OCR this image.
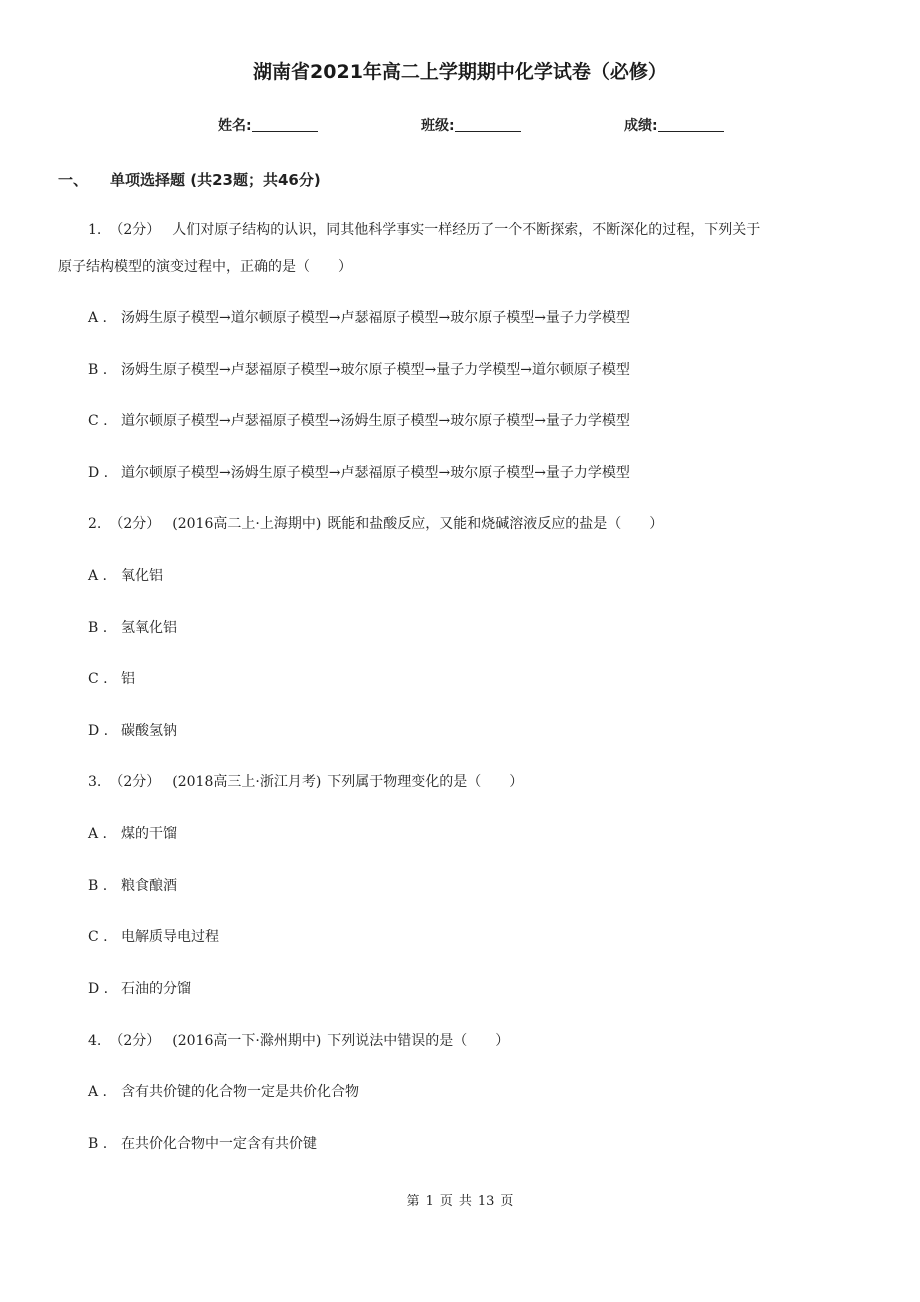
湖南省2021年高二上学期期中化学试卷（必修）
姓名:	班级:	成绩:
一、 单项选择题 (共23题；共46分)
1. （2分） 人们对原子结构的认识，同其他科学事实一样经历了一个不断探索，不断深化的过程，下列关于
原子结构模型的演变过程中，正确的是（　　）
A . 汤姆生原子模型→道尔顿原子模型→卢瑟福原子模型→玻尔原子模型→量子力学模型
B . 汤姆生原子模型→卢瑟福原子模型→玻尔原子模型→量子力学模型→道尔顿原子模型
C . 道尔顿原子模型→卢瑟福原子模型→汤姆生原子模型→玻尔原子模型→量子力学模型
D . 道尔顿原子模型→汤姆生原子模型→卢瑟福原子模型→玻尔原子模型→量子力学模型
2. （2分） (2016高二上·上海期中) 既能和盐酸反应，又能和烧碱溶液反应的盐是（　　）
A . 氧化铝
B . 氢氧化铝
C . 铝
D . 碳酸氢钠
3. （2分） (2018高三上·浙江月考) 下列属于物理变化的是（　　）
A . 煤的干馏
B . 粮食酿酒
C . 电解质导电过程
D . 石油的分馏
4. （2分） (2016高一下·滁州期中) 下列说法中错误的是（　　）
A . 含有共价键的化合物一定是共价化合物
B . 在共价化合物中一定含有共价键
第 1 页 共 13 页
